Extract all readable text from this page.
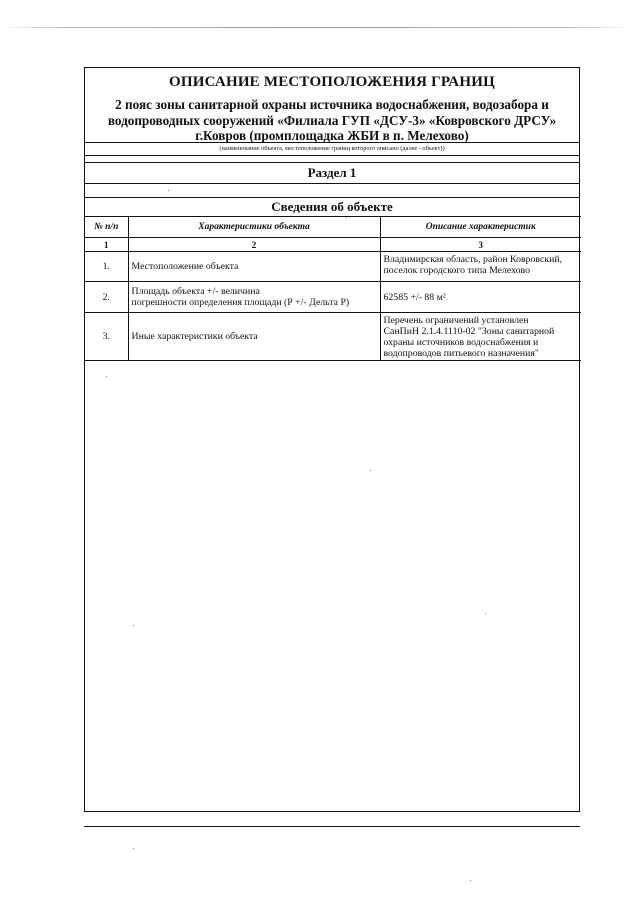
ОПИСАНИЕ МЕСТОПОЛОЖЕНИЯ ГРАНИЦ
2 пояс зоны санитарной охраны источника водоснабжения, водозабора и
водопроводных сооружений «Филиала ГУП «ДСУ-3» «Ковровского ДРСУ»
г.Ковров (промплощадка ЖБИ в п. Мелехово)
(наименование объекта, местоположение границ которого описано (далее - объект))
Раздел 1
Сведения об объекте
№ п/п	Характеристики объекта	Описание характеристик
1	2	3
1.	Местоположение объекта	Владимирская область, район Ковровский,
поселок городского типа Мелехово

2.	Площадь объекта +/- величина
погрешности определения площади (Р +/- Дельта Р)	62585 +/- 88 м²
3.	Иные характеристики объекта	Перечень ограничений установлен
СанПиН 2.1.4.1110-02 "Зоны санитарной
охраны источников водоснабжения и
водопроводов питьевого назначения"
